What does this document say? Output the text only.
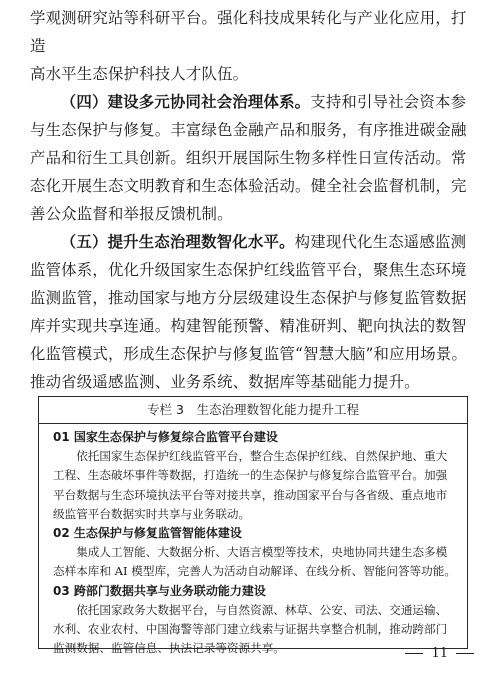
学观测研究站等科研平台。强化科技成果转化与产业化应用，打造
高水平生态保护科技人才队伍。

（四）建设多元协同社会治理体系。支持和引导社会资本参与生态保护与修复。丰富绿色金融产品和服务，有序推进碳金融产品和衍生工具创新。组织开展国际生物多样性日宣传活动。常态化开展生态文明教育和生态体验活动。健全社会监督机制，完善公众监督和举报反馈机制。

（五）提升生态治理数智化水平。构建现代化生态遥感监测监管体系，优化升级国家生态保护红线监管平台，聚焦生态环境监测监管，推动国家与地方分层级建设生态保护与修复监管数据库并实现共享连通。构建智能预警、精准研判、靶向执法的数智化监管模式，形成生态保护与修复监管“智慧大脑”和应用场景。推动省级遥感监测、业务系统、数据库等基础能力提升。

专栏 3　生态治理数智化能力提升工程
01 国家生态保护与修复综合监管平台建设

依托国家生态保护红线监管平台，整合生态保护红线、自然保护地、重大工程、生态破坏事件等数据，打造统一的生态保护与修复综合监管平台。加强平台数据与生态环境执法平台等对接共享，推动国家平台与各省级、重点地市级监管平台数据实时共享与业务联动。

02 生态保护与修复监管智能体建设

集成人工智能、大数据分析、大语言模型等技术，央地协同共建生态多模态样本库和 AI 模型库，完善人为活动自动解译、在线分析、智能问答等功能。

03 跨部门数据共享与业务联动能力建设

依托国家政务大数据平台，与自然资源、林草、公安、司法、交通运输、水利、农业农村、中国海警等部门建立线索与证据共享整合机制，推动跨部门监测数据、监管信息、执法记录等资源共享。	11
